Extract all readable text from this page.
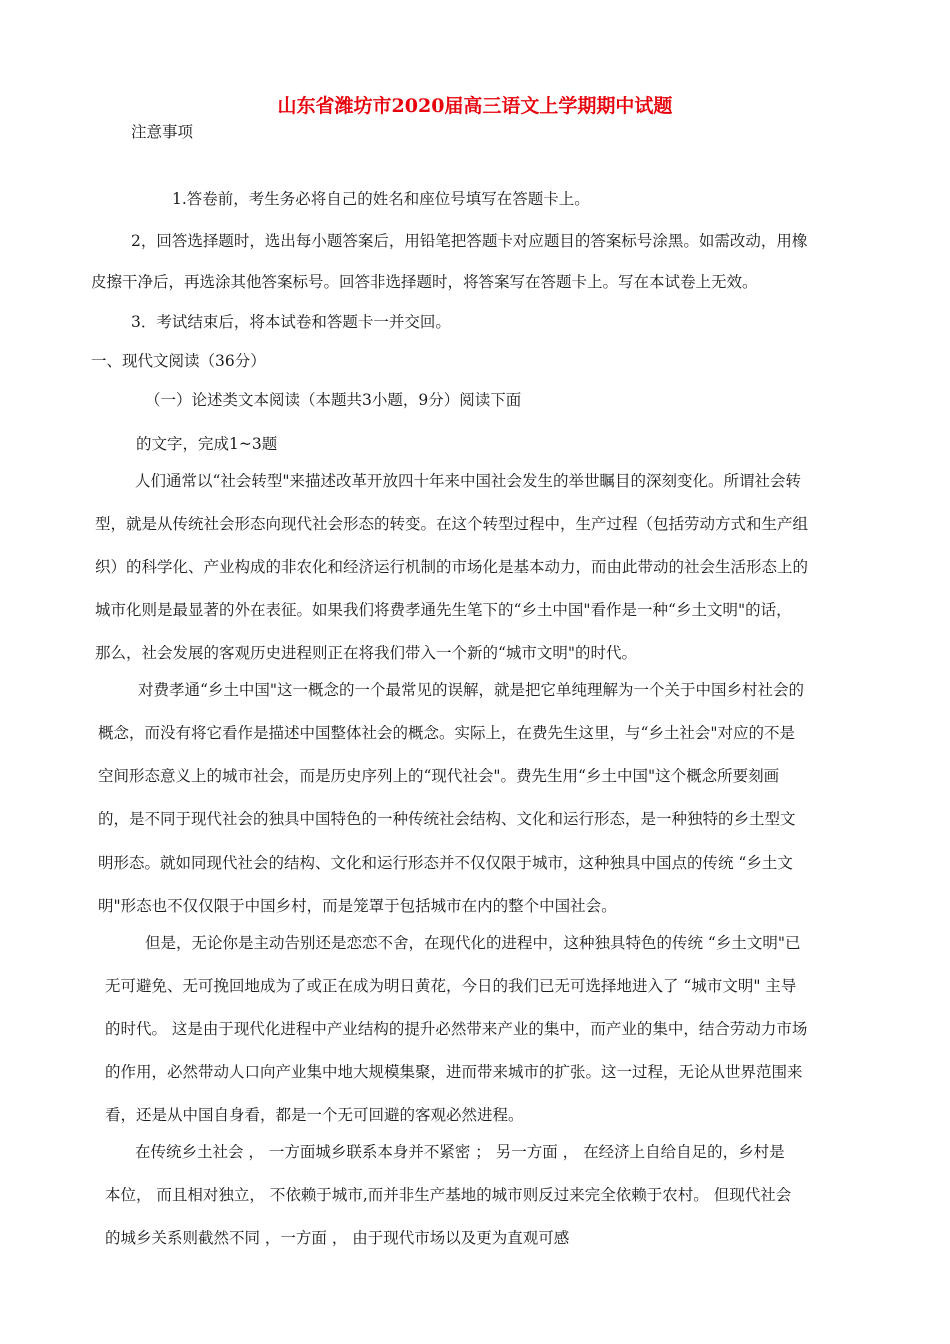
山东省潍坊市2020届高三语文上学期期中试题
注意事项
1.答卷前，考生务必将自己的姓名和座位号填写在答题卡上。
2，回答选择题时，选出每小题答案后，用铅笔把答题卡对应题目的答案标号涂黑。如需改动，用橡
皮擦干净后，再选涂其他答案标号。回答非选择题时，将答案写在答题卡上。写在本试卷上无效。
3．考试结束后，将本试卷和答题卡一并交回。
一、现代文阅读（36分）
（一）论述类文本阅读（本题共3小题，9分）阅读下面
的文字，完成1~3题
人们通常以“社会转型"来描述改革开放四十年来中国社会发生的举世瞩目的深刻变化。所谓社会转
型，就是从传统社会形态向现代社会形态的转变。在这个转型过程中，生产过程（包括劳动方式和生产组
织）的科学化、产业构成的非农化和经济运行机制的市场化是基本动力，而由此带动的社会生活形态上的
城市化则是最显著的外在表征。如果我们将费孝通先生笔下的“乡土中国"看作是一种“乡土文明"的话，
那么，社会发展的客观历史进程则正在将我们带入一个新的“城市文明"的时代。
对费孝通“乡土中国"这一概念的一个最常见的误解，就是把它单纯理解为一个关于中国乡村社会的
概念，而没有将它看作是描述中国整体社会的概念。实际上，在费先生这里，与“乡土社会"对应的不是
空间形态意义上的城市社会，而是历史序列上的“现代社会"。费先生用“乡土中国"这个概念所要刻画
的，是不同于现代社会的独具中国特色的一种传统社会结构、文化和运行形态，是一种独特的乡土型文
明形态。就如同现代社会的结构、文化和运行形态并不仅仅限于城市，这种独具中国点的传统 “乡土文
明"形态也不仅仅限于中国乡村，而是笼罩于包括城市在内的整个中国社会。
但是，无论你是主动告别还是恋恋不舍，在现代化的进程中，这种独具特色的传统 “乡土文明"已
无可避免、无可挽回地成为了或正在成为明日黄花，今日的我们已无可选择地进入了 “城市文明" 主导
的时代。 这是由于现代化进程中产业结构的提升必然带来产业的集中，而产业的集中，结合劳动力市场
的作用，必然带动人口向产业集中地大规模集聚，进而带来城市的扩张。这一过程，无论从世界范围来
看，还是从中国自身看，都是一个无可回避的客观必然进程。
在传统乡土社会 ， 一方面城乡联系本身并不紧密 ； 另一方面 ， 在经济上自给自足的，乡村是
本位， 而且相对独立， 不依赖于城市,而并非生产基地的城市则反过来完全依赖于农村。 但现代社会
的城乡关系则截然不同 ，一方面 ， 由于现代市场以及更为直观可感
